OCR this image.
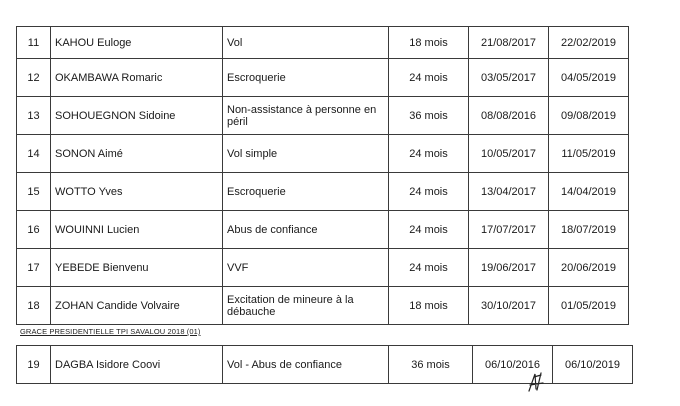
11	KAHOU Euloge	Vol	18 mois	21/08/2017	22/02/2019
12	OKAMBAWA Romaric	Escroquerie	24 mois	03/05/2017	04/05/2019
13	SOHOUEGNON Sidoine	Non-assistance à personne en péril	36 mois	08/08/2016	09/08/2019
14	SONON Aimé	Vol simple	24 mois	10/05/2017	11/05/2019
15	WOTTO Yves	Escroquerie	24 mois	13/04/2017	14/04/2019
16	WOUINNI Lucien	Abus de confiance	24 mois	17/07/2017	18/07/2019
17	YEBEDE Bienvenu	VVF	24 mois	19/06/2017	20/06/2019
18	ZOHAN Candide Volvaire	Excitation de mineure à la débauche	18 mois	30/10/2017	01/05/2019
GRACE PRESIDENTIELLE TPI SAVALOU 2018 (01)
19	DAGBA Isidore Coovi	Vol - Abus de confiance	36 mois	06/10/2016	06/10/2019
